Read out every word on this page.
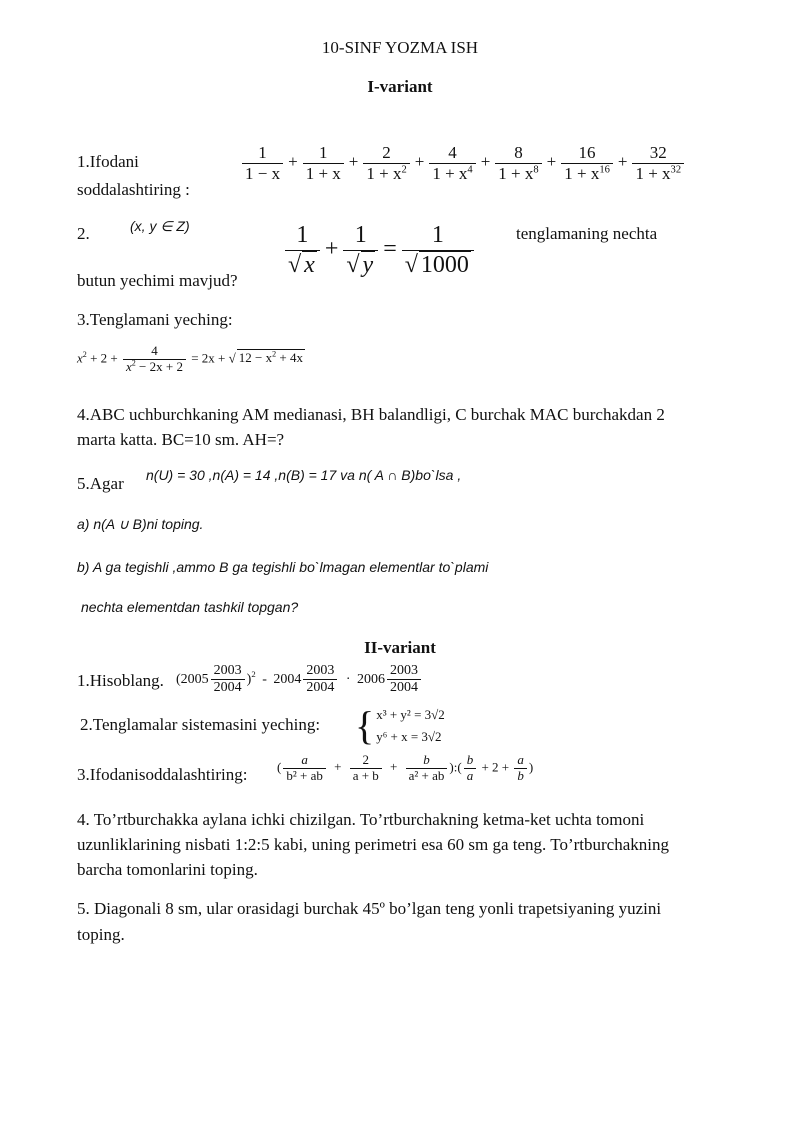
10-SINF YOZMA ISH
I-variant
1.Ifodani
soddalashtiring :
$\frac{1}{1 - x} + \frac{1}{1 + x} + \frac{2}{1 + x^2} + \frac{4}{1 + x^4} + \frac{8}{1 + x^8} + \frac{16}{1 + x^{16}} + \frac{32}{1 + x^{32}}$
2.	(x, y ∈ Z)	$\frac{1}{√ x} + \frac{1}{√ y} = \frac{1}{√ 1000}$ tenglamaning nechta
butun yechimi mavjud?
3.Tenglamani yeching:
$x^2 + 2 + \frac{4}{x^2 - 2x + 2} = 2x$ + √ $12 - x^2 + 4x$
4.ABC uchburchkaning AM medianasi, BH balandligi, C burchak MAC burchakdan 2
marta katta. BC=10 sm. AH=?
5.Agar n(U) = 30 ,n(A) = 14 ,n(B) = 17 va n( A ∩ B)bo`lsa ,
a) n(A ∪ B)ni toping.
b) A ga tegishli ,ammo B ga tegishli bo`lmagan elementlar to`plami
nechta elementdan tashkil topgan?
II-variant
1.Hisoblang. $(2005 \frac{2003}{2004} )^2 - 2004 \frac{2003}{2004} \cdot 2006 \frac{2003}{2004}$
2.Tenglamalar sistemasini yeching: { x³ + y² = 3√2
y⁶ + x = 3√2
3.Ifodanisoddalashtiring: ( $\frac{a}{\text{b² + ab}} + \frac{2}{a + b} + \frac{b}{\text{a² + ab}}$ ):( $\frac{b}{a} + 2 + \frac{a}{b}$ )
4. To’rtburchakka aylana ichki chizilgan. To’rtburchakning ketma-ket uchta tomoni
uzunliklarining nisbati 1:2:5 kabi, uning perimetri esa 60 sm ga teng. To’rtburchakning
barcha tomonlarini toping.
5. Diagonali 8 sm, ular orasidagi burchak 45º bo’lgan teng yonli trapetsiyaning yuzini
toping.
